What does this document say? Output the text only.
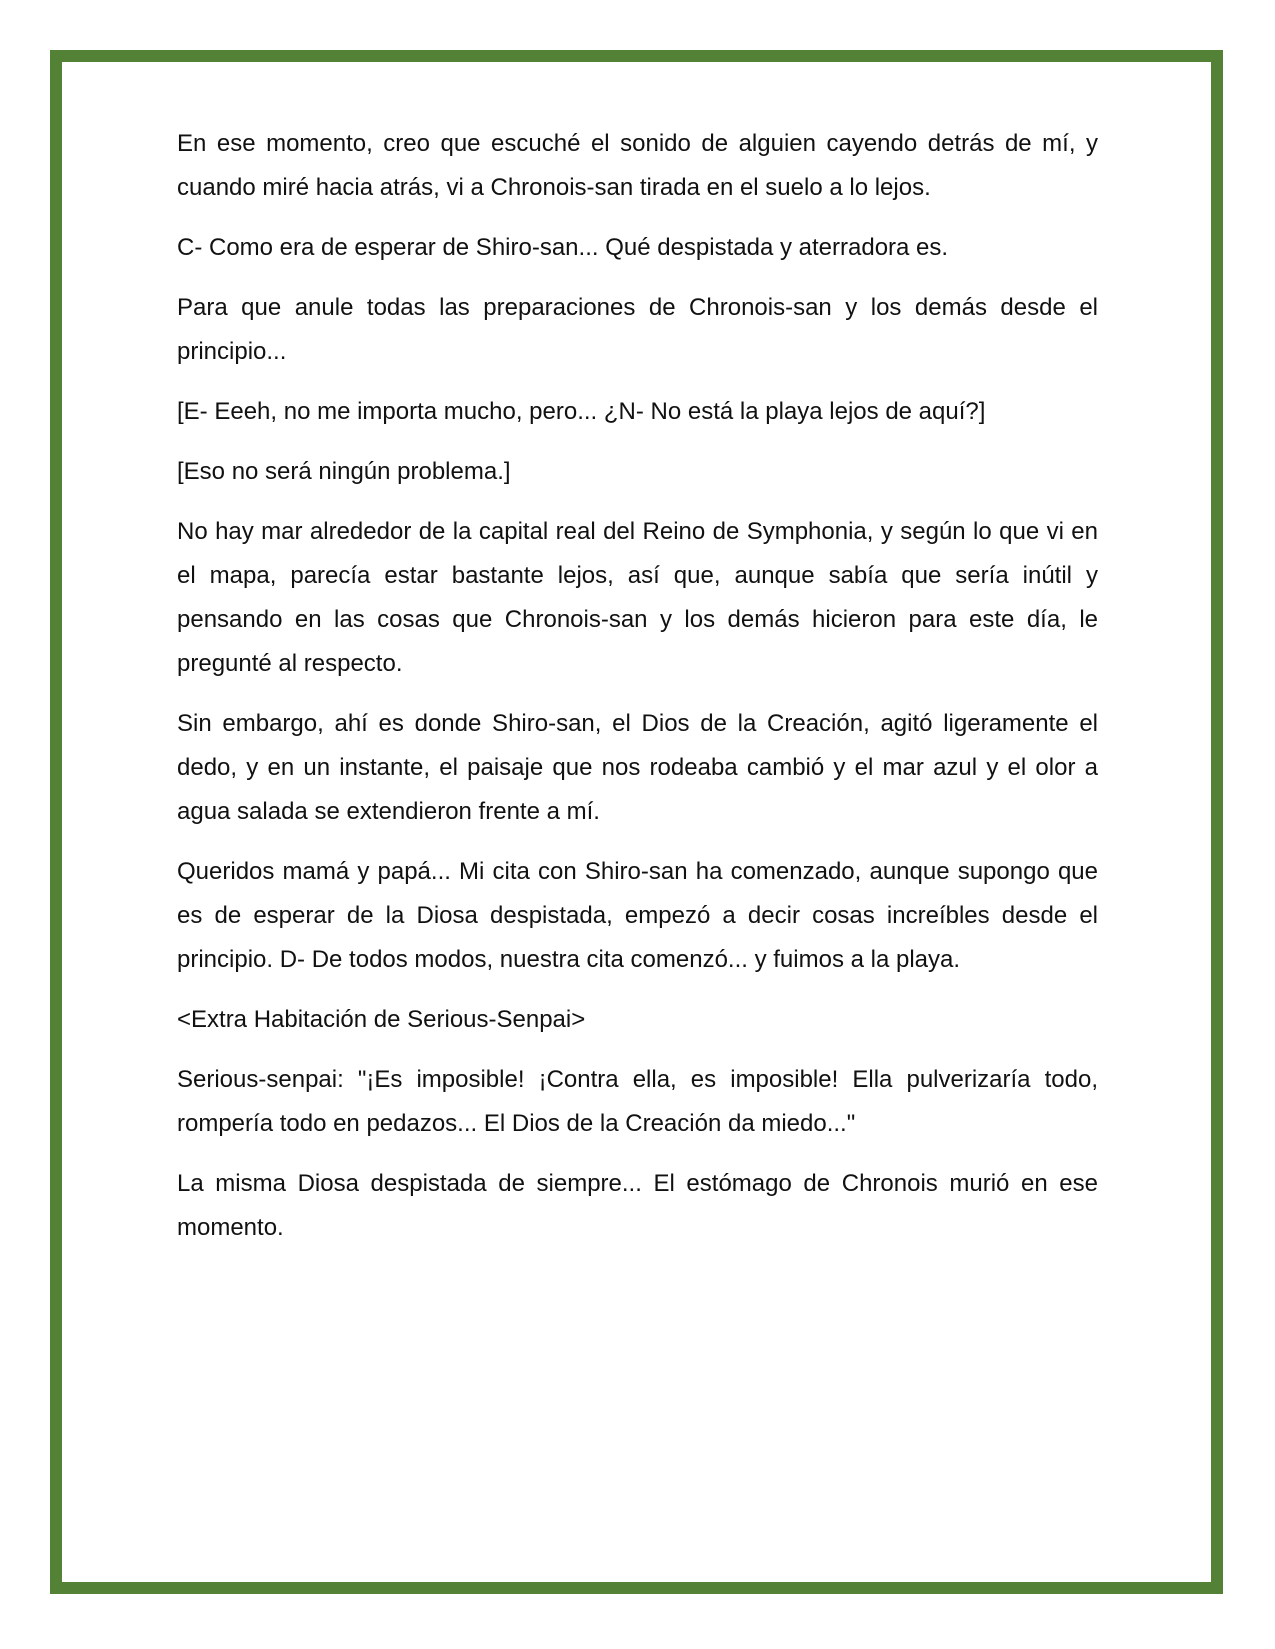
En ese momento, creo que escuché el sonido de alguien cayendo detrás de mí, y cuando miré hacia atrás, vi a Chronois-san tirada en el suelo a lo lejos.

C- Como era de esperar de Shiro-san... Qué despistada y aterradora es.

Para que anule todas las preparaciones de Chronois-san y los demás desde el principio...

[E- Eeeh, no me importa mucho, pero... ¿N- No está la playa lejos de aquí?]

[Eso no será ningún problema.]

No hay mar alrededor de la capital real del Reino de Symphonia, y según lo que vi en el mapa, parecía estar bastante lejos, así que, aunque sabía que sería inútil y pensando en las cosas que Chronois-san y los demás hicieron para este día, le pregunté al respecto.

Sin embargo, ahí es donde Shiro-san, el Dios de la Creación, agitó ligeramente el dedo, y en un instante, el paisaje que nos rodeaba cambió y el mar azul y el olor a agua salada se extendieron frente a mí.

Queridos mamá y papá... Mi cita con Shiro-san ha comenzado, aunque supongo que es de esperar de la Diosa despistada, empezó a decir cosas increíbles desde el principio. D- De todos modos, nuestra cita comenzó... y fuimos a la playa.

<Extra Habitación de Serious-Senpai>

Serious-senpai: "¡Es imposible! ¡Contra ella, es imposible! Ella pulverizaría todo, rompería todo en pedazos... El Dios de la Creación da miedo..."

La misma Diosa despistada de siempre... El estómago de Chronois murió en ese momento.
